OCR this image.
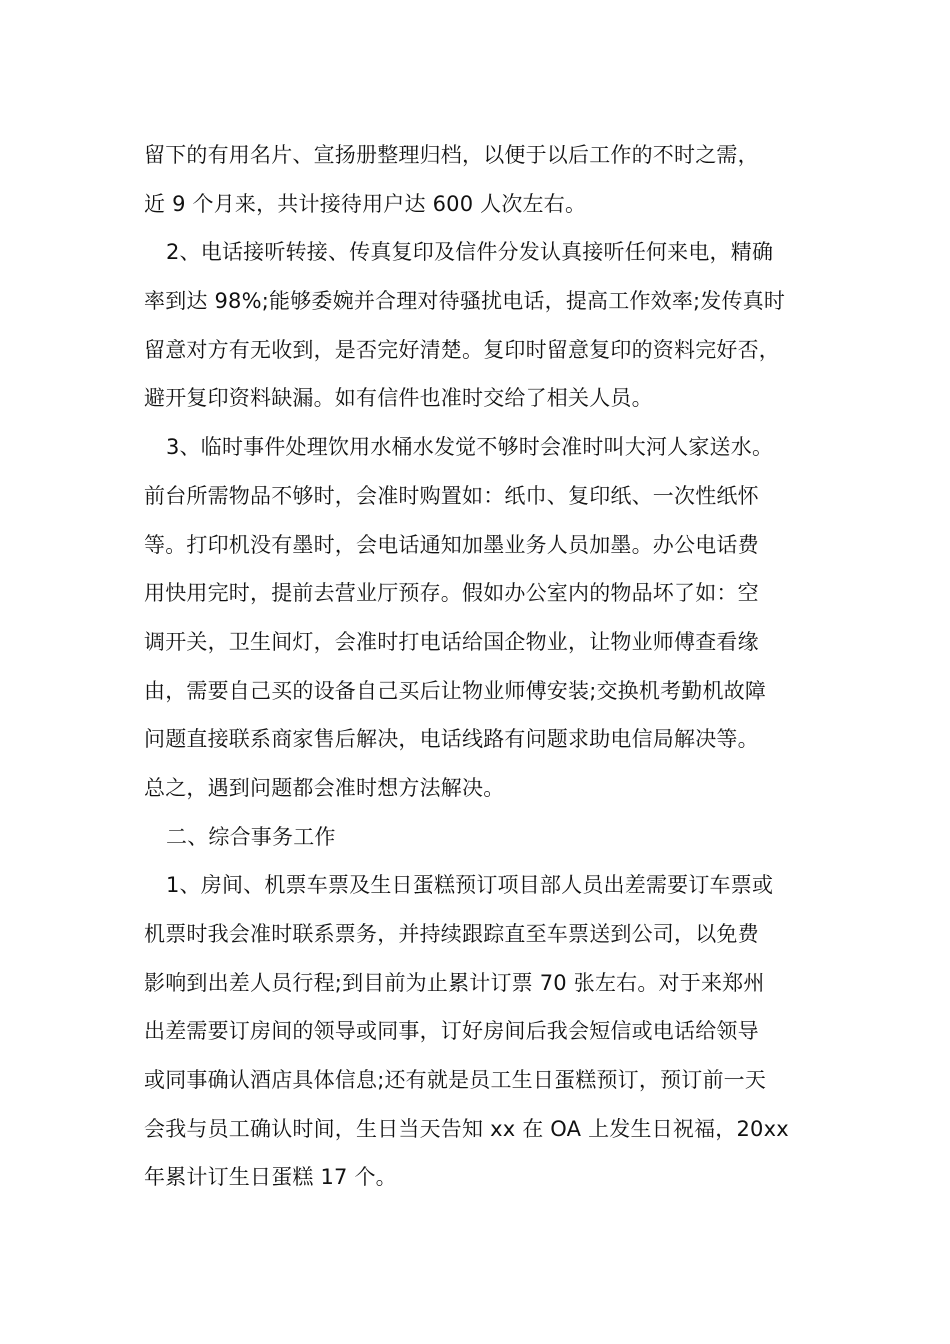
留下的有用名片、宣扬册整理归档，以便于以后工作的不时之需，
近 9 个月来，共计接待用户达 600 人次左右。
2、电话接听转接、传真复印及信件分发认真接听任何来电，精确
率到达 98%;能够委婉并合理对待骚扰电话，提高工作效率;发传真时
留意对方有无收到，是否完好清楚。复印时留意复印的资料完好否，
避开复印资料缺漏。如有信件也准时交给了相关人员。
3、临时事件处理饮用水桶水发觉不够时会准时叫大河人家送水。
前台所需物品不够时，会准时购置如：纸巾、复印纸、一次性纸怀
等。打印机没有墨时，会电话通知加墨业务人员加墨。办公电话费
用快用完时，提前去营业厅预存。假如办公室内的物品坏了如：空
调开关，卫生间灯，会准时打电话给国企物业，让物业师傅查看缘
由，需要自己买的设备自己买后让物业师傅安装;交换机考勤机故障
问题直接联系商家售后解决，电话线路有问题求助电信局解决等。
总之，遇到问题都会准时想方法解决。
二、综合事务工作
1、房间、机票车票及生日蛋糕预订项目部人员出差需要订车票或
机票时我会准时联系票务，并持续跟踪直至车票送到公司，以免费
影响到出差人员行程;到目前为止累计订票 70 张左右。对于来郑州
出差需要订房间的领导或同事，订好房间后我会短信或电话给领导
或同事确认酒店具体信息;还有就是员工生日蛋糕预订，预订前一天
会我与员工确认时间，生日当天告知 xx 在 OA 上发生日祝福，20xx
年累计订生日蛋糕 17 个。
